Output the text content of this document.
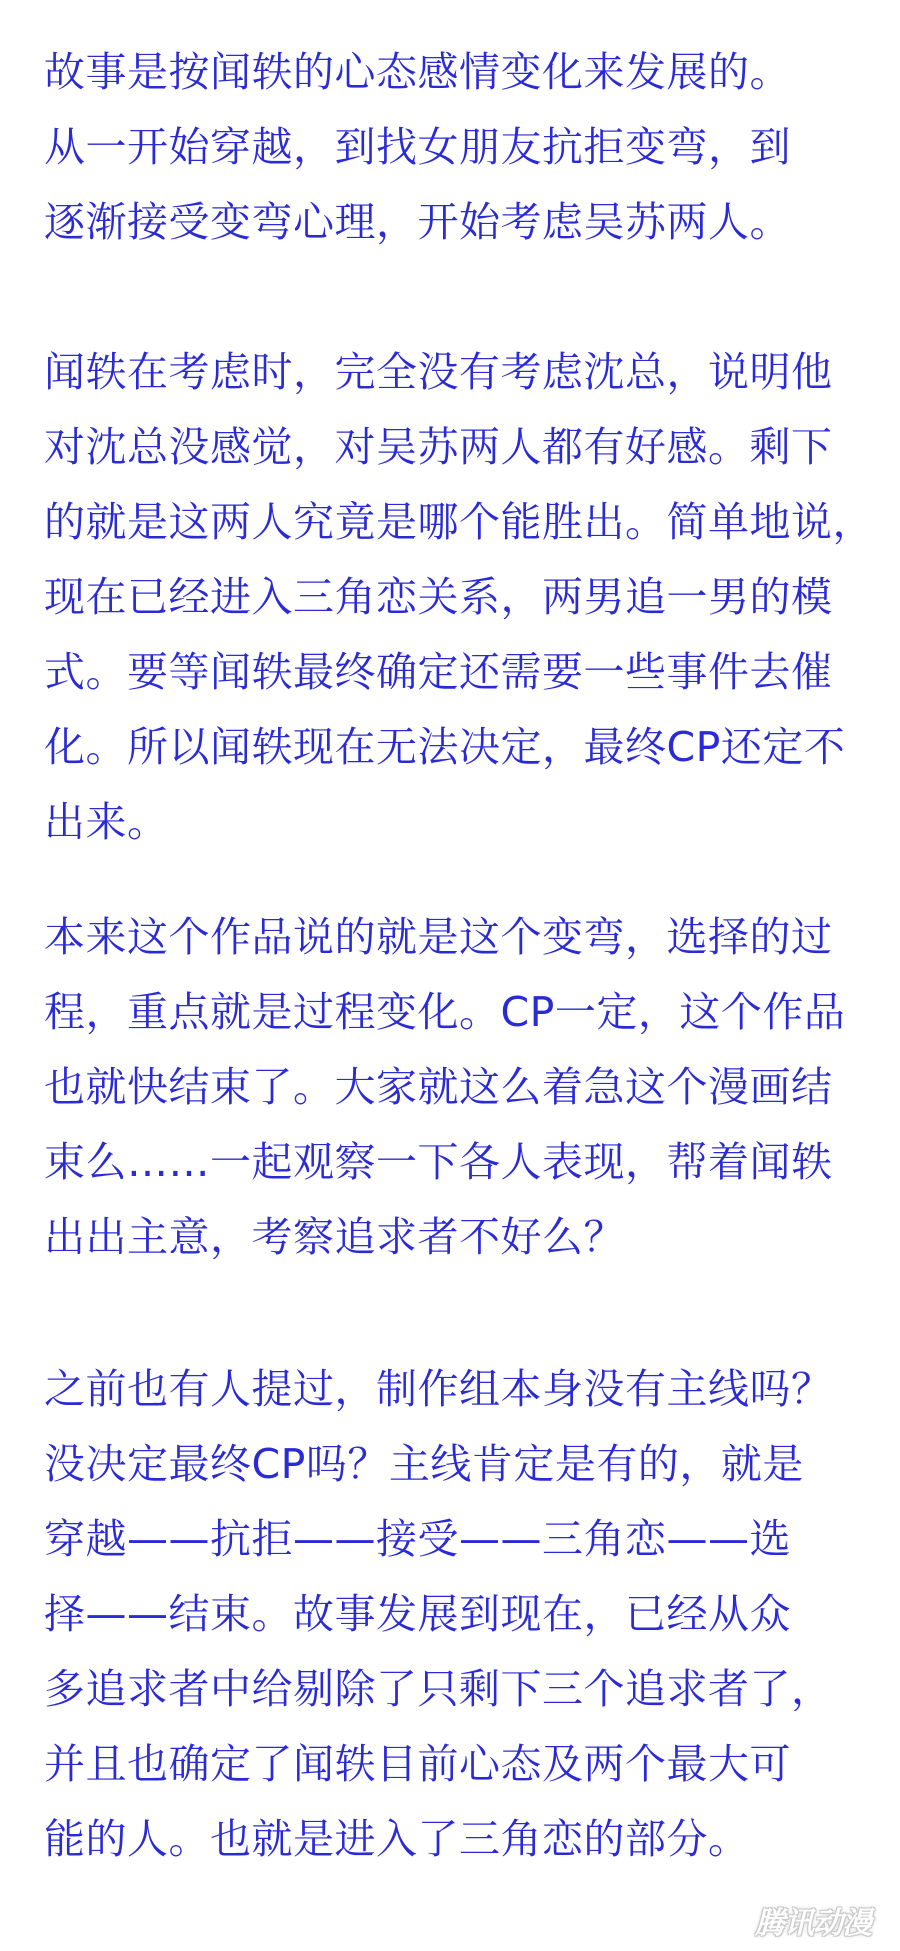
故事是按闻轶的心态感情变化来发展的。
从一开始穿越，到找女朋友抗拒变弯，到
逐渐接受变弯心理，开始考虑吴苏两人。
闻轶在考虑时，完全没有考虑沈总，说明他
对沈总没感觉，对吴苏两人都有好感。剩下
的就是这两人究竟是哪个能胜出。简单地说，
现在已经进入三角恋关系，两男追一男的模
式。要等闻轶最终确定还需要一些事件去催
化。所以闻轶现在无法决定，最终CP还定不
出来。
本来这个作品说的就是这个变弯，选择的过
程，重点就是过程变化。CP一定，这个作品
也就快结束了。大家就这么着急这个漫画结
束么……一起观察一下各人表现，帮着闻轶
出出主意，考察追求者不好么？
之前也有人提过，制作组本身没有主线吗？
没决定最终CP吗？主线肯定是有的，就是
穿越——抗拒——接受——三角恋——选
择——结束。故事发展到现在，已经从众
多追求者中给剔除了只剩下三个追求者了，
并且也确定了闻轶目前心态及两个最大可
能的人。也就是进入了三角恋的部分。
腾讯动漫
